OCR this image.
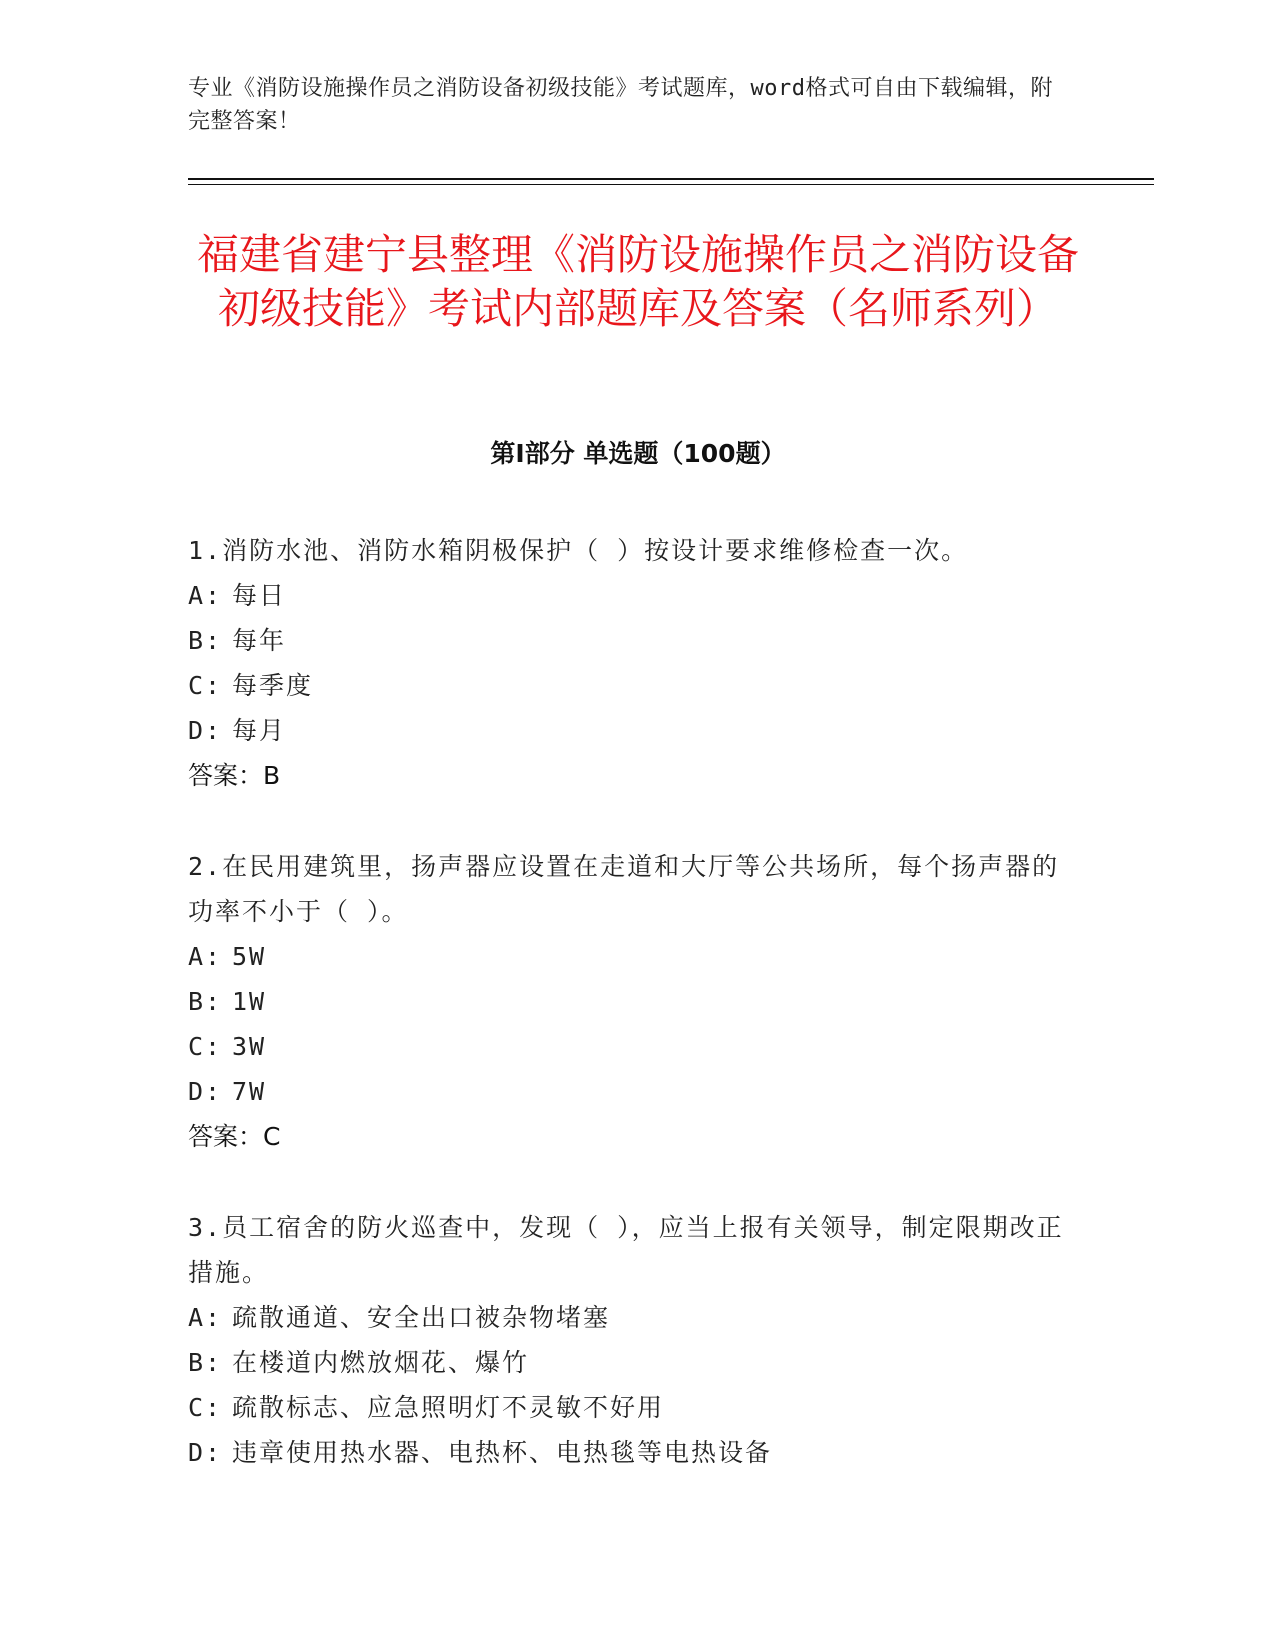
专业《消防设施操作员之消防设备初级技能》考试题库，word格式可自由下载编辑，附完整答案！
福建省建宁县整理《消防设施操作员之消防设备初级技能》考试内部题库及答案（名师系列）
第Ⅰ部分 单选题（100题）

1.消防水池、消防水箱阴极保护（ ）按设计要求维修检查一次。

A: 每日

B: 每年

C: 每季度

D: 每月

答案：B

2.在民用建筑里，扬声器应设置在走道和大厅等公共场所，每个扬声器的功率不小于（ ）。

A: 5W

B: 1W

C: 3W

D: 7W

答案：C

3.员工宿舍的防火巡查中，发现（ ），应当上报有关领导，制定限期改正措施。

A: 疏散通道、安全出口被杂物堵塞

B: 在楼道内燃放烟花、爆竹

C: 疏散标志、应急照明灯不灵敏不好用

D: 违章使用热水器、电热杯、电热毯等电热设备
